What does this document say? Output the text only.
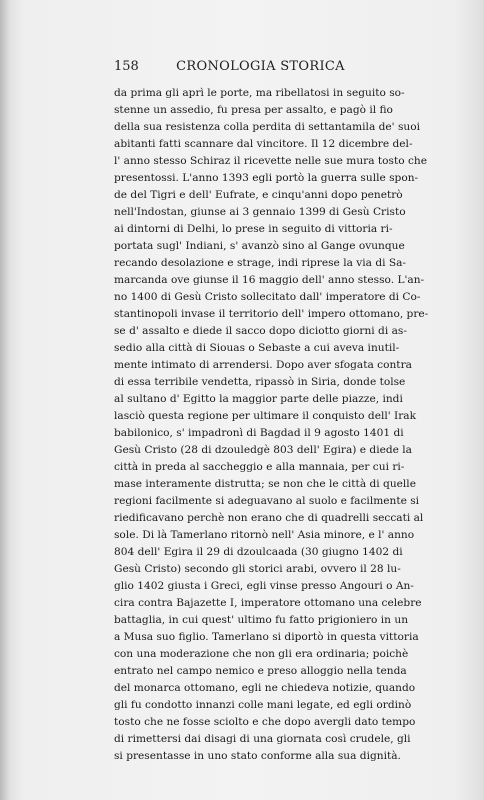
158	CRONOLOGIA STORICA
da prima gli aprì le porte, ma ribellatosi in seguito so-
stenne un assedio, fu presa per assalto, e pagò il fio
della sua resistenza colla perdita di settantamila de' suoi
abitanti fatti scannare dal vincitore. Il 12 dicembre del-
l' anno stesso Schiraz il ricevette nelle sue mura tosto che
presentossi. L'anno 1393 egli portò la guerra sulle spon-
de del Tigri e dell' Eufrate, e cinqu'anni dopo penetrò
nell'Indostan, giunse ai 3 gennaio 1399 di Gesù Cristo
ai dintorni di Delhi, lo prese in seguito di vittoria ri-
portata sugl' Indiani, s' avanzò sino al Gange ovunque
recando desolazione e strage, indi riprese la via di Sa-
marcanda ove giunse il 16 maggio dell' anno stesso. L'an-
no 1400 di Gesù Cristo sollecitato dall' imperatore di Co-
stantinopoli invase il territorio dell' impero ottomano, pre-
se d' assalto e diede il sacco dopo diciotto giorni di as-
sedio alla città di Siouas o Sebaste a cui aveva inutil-
mente intimato di arrendersi. Dopo aver sfogata contra
di essa terribile vendetta, ripassò in Siria, donde tolse
al sultano d' Egitto la maggior parte delle piazze, indi
lasciò questa regione per ultimare il conquisto dell' Irak
babilonico, s' impadronì di Bagdad il 9 agosto 1401 di
Gesù Cristo (28 di dzouledgè 803 dell' Egira) e diede la
città in preda al saccheggio e alla mannaia, per cui ri-
mase interamente distrutta; se non che le città di quelle
regioni facilmente si adeguavano al suolo e facilmente si
riedificavano perchè non erano che di quadrelli seccati al
sole. Di là Tamerlano ritornò nell' Asia minore, e l' anno
804 dell' Egira il 29 di dzoulcaada (30 giugno 1402 di
Gesù Cristo) secondo gli storici arabi, ovvero il 28 lu-
glio 1402 giusta i Greci, egli vinse presso Angouri o An-
cira contra Bajazette I, imperatore ottomano una celebre
battaglia, in cui quest' ultimo fu fatto prigioniero in un
a Musa suo figlio. Tamerlano si diportò in questa vittoria
con una moderazione che non gli era ordinaria; poichè
entrato nel campo nemico e preso alloggio nella tenda
del monarca ottomano, egli ne chiedeva notizie, quando
gli fu condotto innanzi colle mani legate, ed egli ordinò
tosto che ne fosse sciolto e che dopo avergli dato tempo
di rimettersi dai disagi di una giornata così crudele, gli
si presentasse in uno stato conforme alla sua dignità.
